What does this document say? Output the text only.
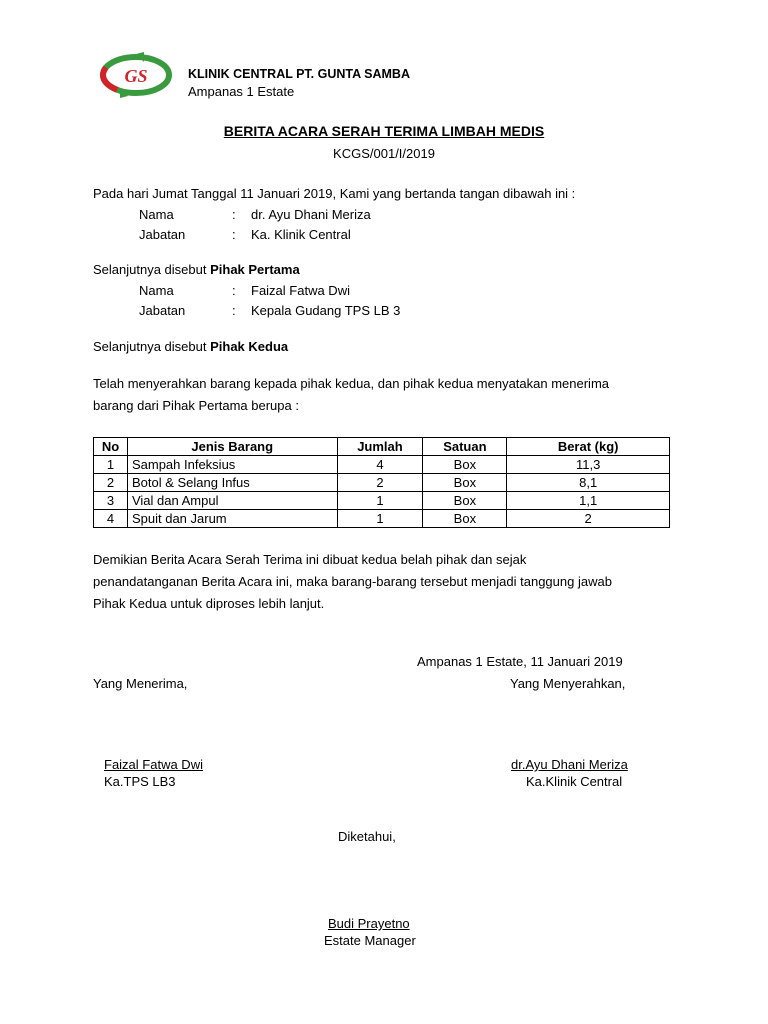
GS	KLINIK CENTRAL PT. GUNTA SAMBA
Ampanas 1 Estate
BERITA ACARA SERAH TERIMA LIMBAH MEDIS
KCGS/001/I/2019
Pada hari Jumat Tanggal 11 Januari 2019, Kami yang bertanda tangan dibawah ini :
Nama	: dr. Ayu Dhani Meriza
Jabatan	: Ka. Klinik Central
Selanjutnya disebut Pihak Pertama
Nama	: Faizal Fatwa Dwi
Jabatan	: Kepala Gudang TPS LB 3
Selanjutnya disebut Pihak Kedua
Telah menyerahkan barang kepada pihak kedua, dan pihak kedua menyatakan menerima
barang dari Pihak Pertama berupa :
No	Jenis Barang	Jumlah	Satuan	Berat (kg)
1	Sampah Infeksius	4	Box	11,3
2	Botol & Selang Infus	2	Box	8,1
3	Vial dan Ampul	1	Box	1,1
4	Spuit dan Jarum	1	Box	2
Demikian Berita Acara Serah Terima ini dibuat kedua belah pihak dan sejak
penandatanganan Berita Acara ini, maka barang-barang tersebut menjadi tanggung jawab
Pihak Kedua untuk diproses lebih lanjut.
Ampanas 1 Estate, 11 Januari 2019
Yang Menerima,	Yang Menyerahkan,
Faizal Fatwa Dwi
Ka.TPS LB3
dr.Ayu Dhani Meriza
Ka.Klinik Central
Diketahui,
Budi Prayetno
Estate Manager
